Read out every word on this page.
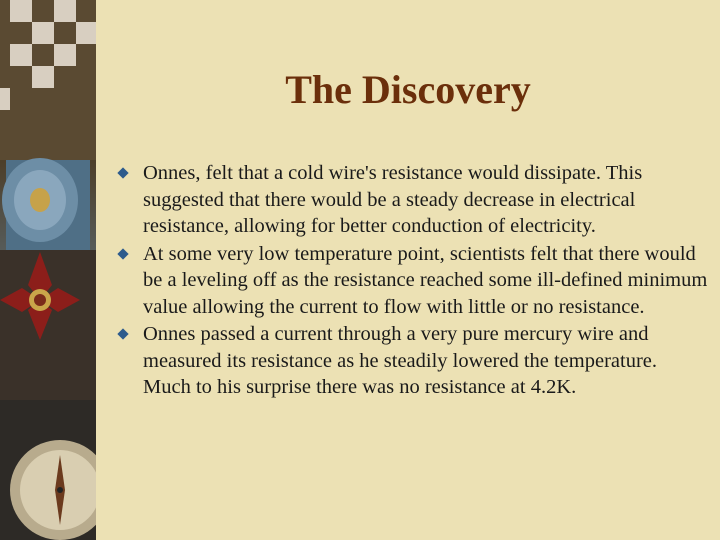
The Discovery
Onnes, felt that a cold wire's resistance would dissipate. This suggested that there would be a steady decrease in electrical resistance, allowing for better conduction of electricity.
At some very low temperature point, scientists felt that there would be a leveling off as the resistance reached some ill-defined minimum value allowing the current to flow with little or no resistance.
Onnes passed a current through a very pure mercury wire and measured its resistance as he steadily lowered the temperature. Much to his surprise there was no resistance at 4.2K.
